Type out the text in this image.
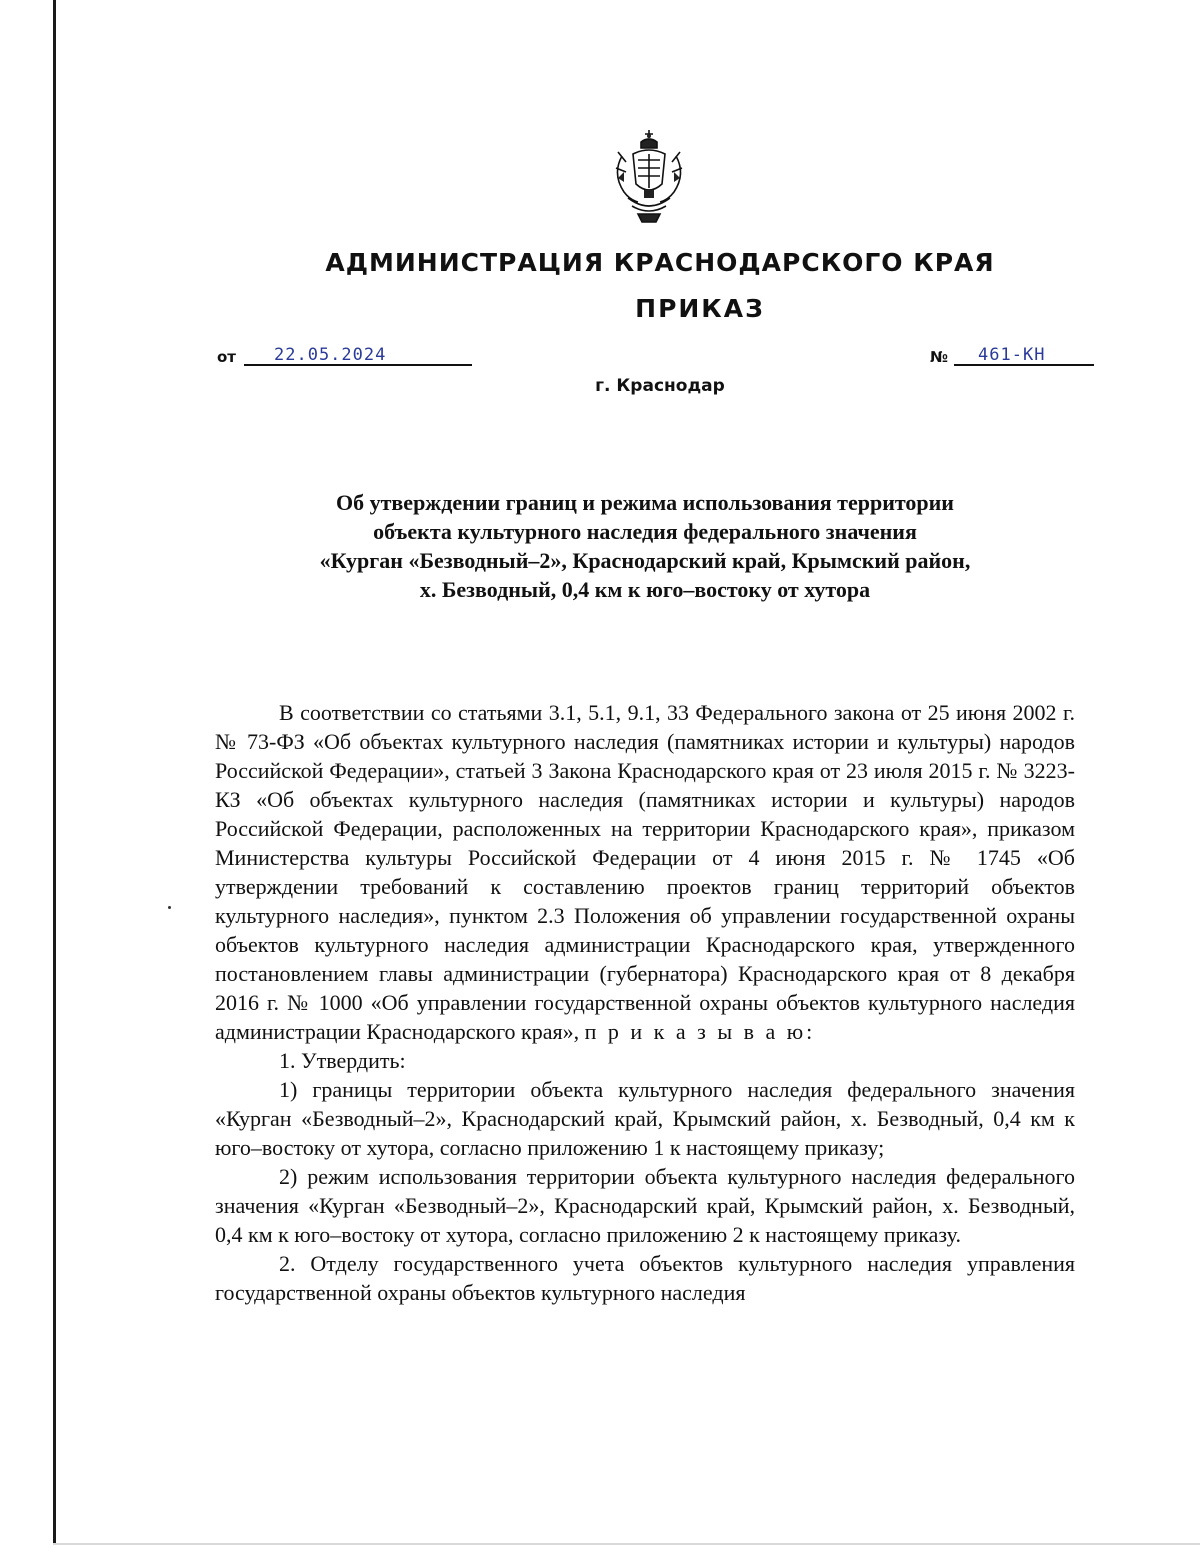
АДМИНИСТРАЦИЯ КРАСНОДАРСКОГО КРАЯ
ПРИКАЗ
от 22.05.2024	№ 461-КН
г. Краснодар
Об утверждении границ и режима использования территории
объекта культурного наследия федерального значения
«Курган «Безводный–2», Краснодарский край, Крымский район,
х. Безводный, 0,4 км к юго–востоку от хутора

В соответствии со статьями 3.1, 5.1, 9.1, 33 Федерального закона от 25 июня 2002 г. № 73-ФЗ «Об объектах культурного наследия (памятниках истории и культуры) народов Российской Федерации», статьей 3 Закона Краснодарского края от 23 июля 2015 г. № 3223-КЗ «Об объектах культурного наследия (памятниках истории и культуры) народов Российской Федерации, расположенных на территории Краснодарского края», приказом Министерства культуры Российской Федерации от 4 июня 2015 г. № 1745 «Об утверждении требований к составлению проектов границ территорий объектов культурного наследия», пунктом 2.3 Положения об управлении государственной охраны объектов культурного наследия администрации Краснодарского края, утвержденного постановлением главы администрации (губернатора) Краснодарского края от 8 декабря 2016 г. № 1000 «Об управлении государственной охраны объектов культурного наследия администрации Краснодарского края», п р и к а з ы в а ю:

1. Утвердить:

1) границы территории объекта культурного наследия федерального значения «Курган «Безводный–2», Краснодарский край, Крымский район, х. Безводный, 0,4 км к юго–востоку от хутора, согласно приложению 1 к настоящему приказу;

2) режим использования территории объекта культурного наследия федерального значения «Курган «Безводный–2», Краснодарский край, Крымский район, х. Безводный, 0,4 км к юго–востоку от хутора, согласно приложению 2 к настоящему приказу.

2. Отделу государственного учета объектов культурного наследия управления государственной охраны объектов культурного наследия
